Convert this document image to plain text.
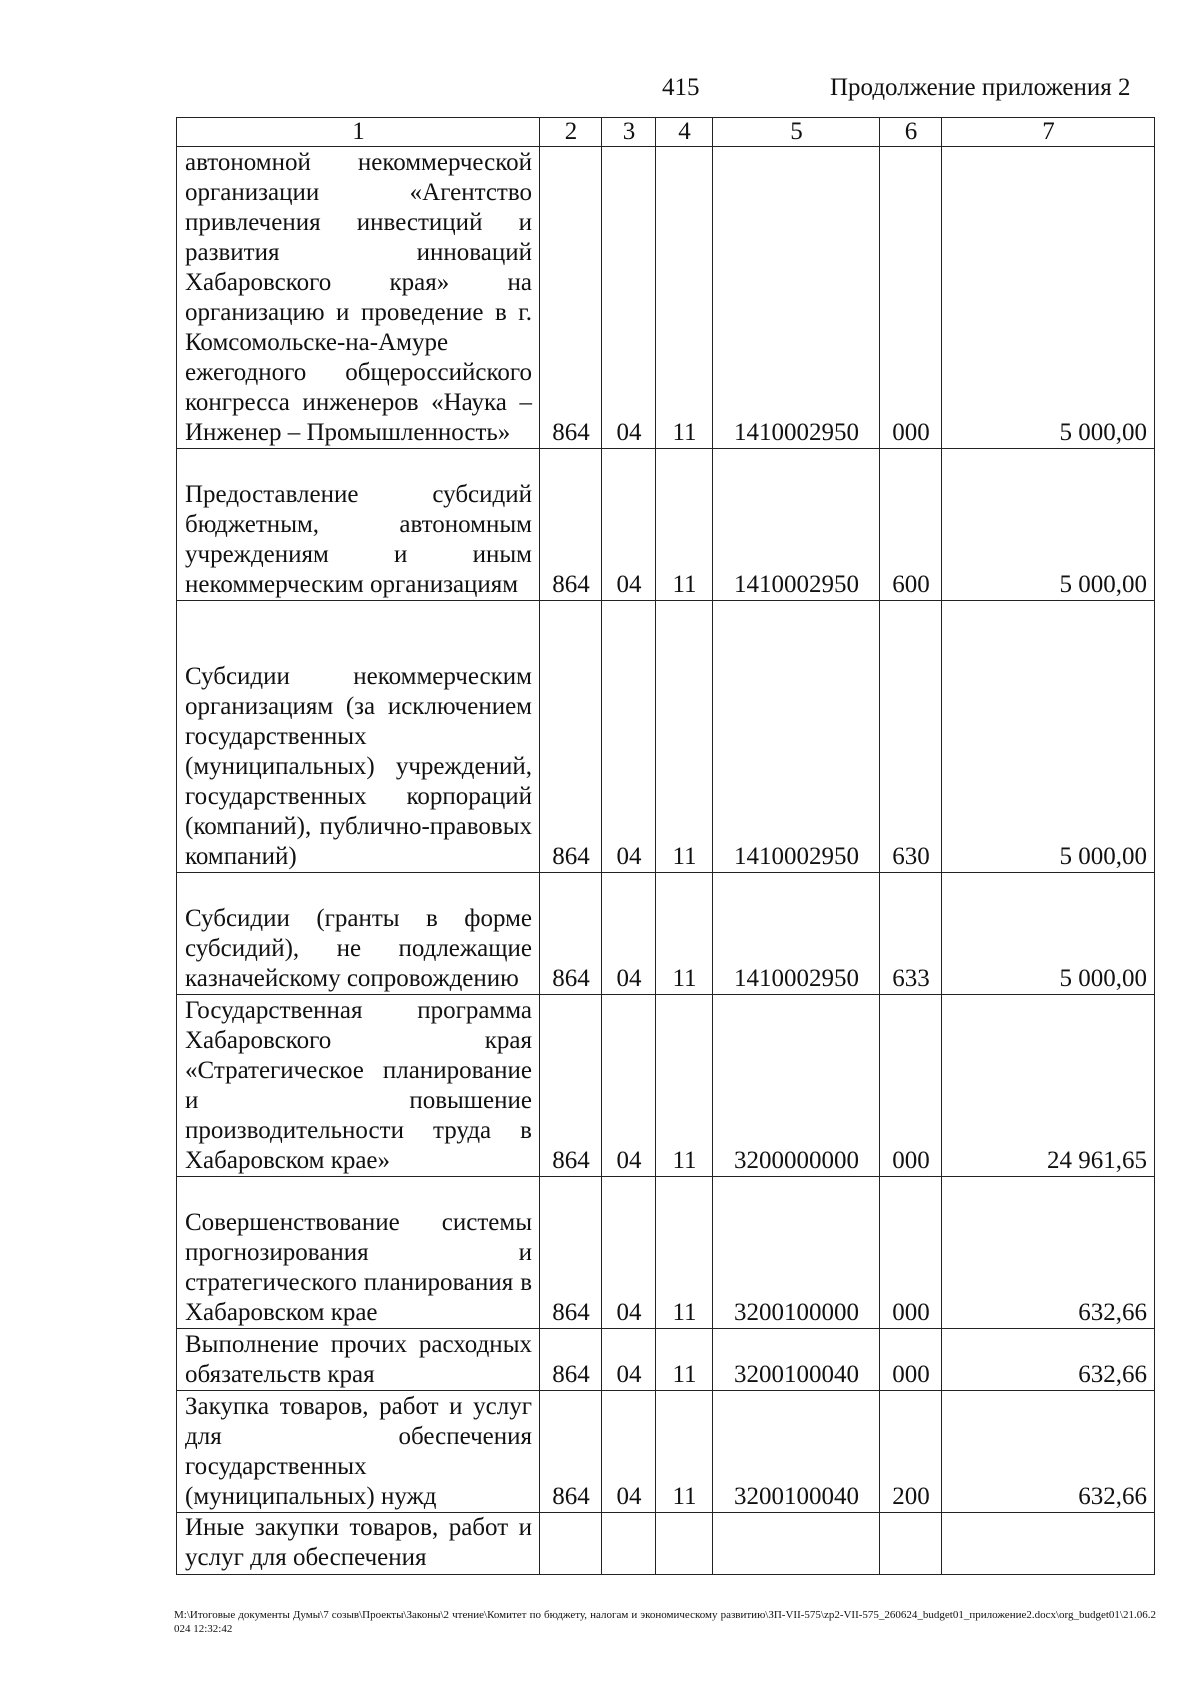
415	Продолжение приложения 2
1	2	3	4	5	6	7
автономной некоммерческой организации «Агентство привлечения инвестиций и развития инноваций Хабаровского края» на организацию и проведение в г. Комсомольске-на-Амуре ежегодного общероссийского конгресса инженеров «Наука – Инженер – Промышленность»	864	04	11	1410002950	000	5 000,00
Предоставление субсидий бюджетным, автономным учреждениям и иным некоммерческим организациям	864	04	11	1410002950	600	5 000,00
Субсидии некоммерческим организациям (за исключением государственных (муниципальных) учреждений, государственных корпораций (компаний), публично-правовых компаний)	864	04	11	1410002950	630	5 000,00
Субсидии (гранты в форме субсидий), не подлежащие казначейскому сопровождению	864	04	11	1410002950	633	5 000,00
Государственная программа Хабаровского края «Стратегическое планирование и повышение производительности труда в Хабаровском крае»	864	04	11	3200000000	000	24 961,65
Совершенствование системы прогнозирования и стратегического планирования в Хабаровском крае	864	04	11	3200100000	000	632,66
Выполнение прочих расходных обязательств края	864	04	11	3200100040	000	632,66
Закупка товаров, работ и услуг для обеспечения государственных (муниципальных) нужд	864	04	11	3200100040	200	632,66
Иные закупки товаров, работ и услуг для обеспечения						
M:\Итоговые документы Думы\7 созыв\Проекты\Законы\2 чтение\Комитет по бюджету, налогам и экономическому развитию\ЗП-VII-575\zp2-VII-575_260624_budget01_приложение2.docx\org_budget01\21.06.2024 12:32:42
